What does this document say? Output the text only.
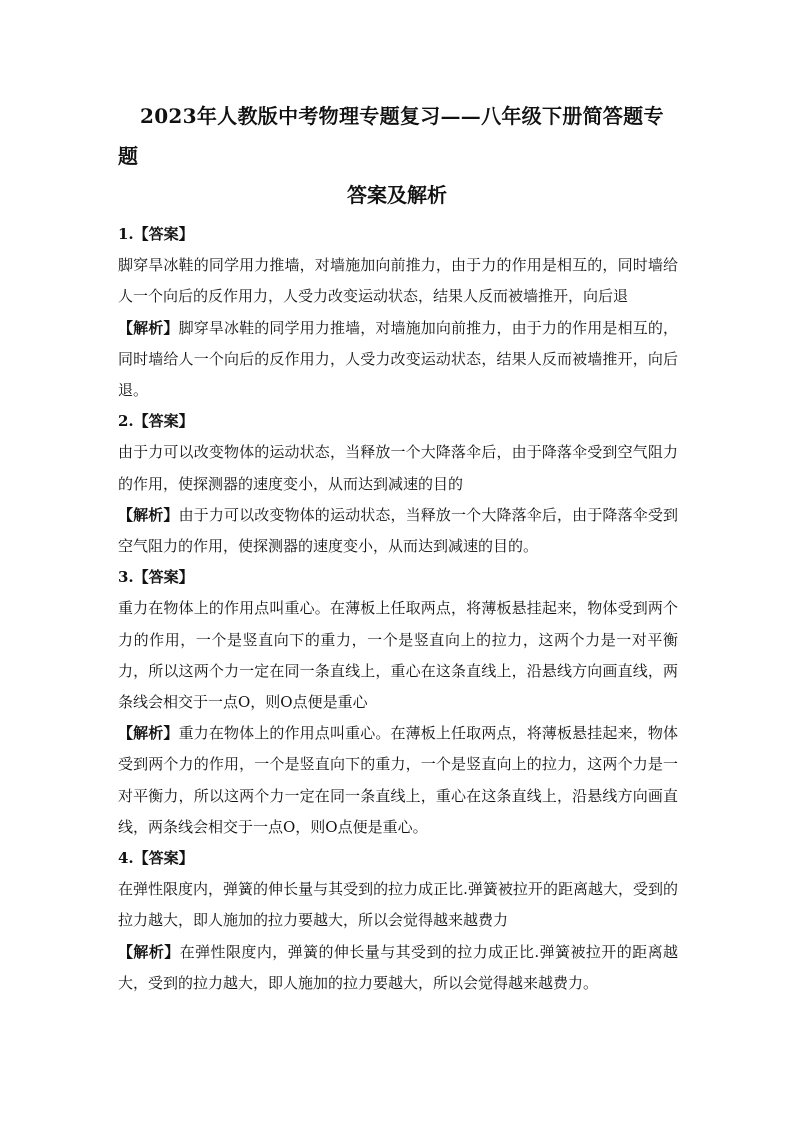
2023年人教版中考物理专题复习——八年级下册简答题专题
答案及解析

1.【答案】

脚穿旱冰鞋的同学用力推墙，对墙施加向前推力，由于力的作用是相互的，同时墙给人一个向后的反作用力，人受力改变运动状态，结果人反而被墙推开，向后退

【解析】脚穿旱冰鞋的同学用力推墙，对墙施加向前推力，由于力的作用是相互的，同时墙给人一个向后的反作用力，人受力改变运动状态，结果人反而被墙推开，向后退。

2.【答案】

由于力可以改变物体的运动状态，当释放一个大降落伞后，由于降落伞受到空气阻力的作用，使探测器的速度变小，从而达到减速的目的

【解析】由于力可以改变物体的运动状态，当释放一个大降落伞后，由于降落伞受到空气阻力的作用，使探测器的速度变小，从而达到减速的目的。

3.【答案】

重力在物体上的作用点叫重心。在薄板上任取两点，将薄板悬挂起来，物体受到两个力的作用，一个是竖直向下的重力，一个是竖直向上的拉力，这两个力是一对平衡力，所以这两个力一定在同一条直线上，重心在这条直线上，沿悬线方向画直线，两条线会相交于一点O，则O点便是重心

【解析】重力在物体上的作用点叫重心。在薄板上任取两点，将薄板悬挂起来，物体受到两个力的作用，一个是竖直向下的重力，一个是竖直向上的拉力，这两个力是一对平衡力，所以这两个力一定在同一条直线上，重心在这条直线上，沿悬线方向画直线，两条线会相交于一点O，则O点便是重心。

4.【答案】

在弹性限度内，弹簧的伸长量与其受到的拉力成正比.弹簧被拉开的距离越大，受到的拉力越大，即人施加的拉力要越大，所以会觉得越来越费力

【解析】在弹性限度内，弹簧的伸长量与其受到的拉力成正比.弹簧被拉开的距离越大，受到的拉力越大，即人施加的拉力要越大，所以会觉得越来越费力。
